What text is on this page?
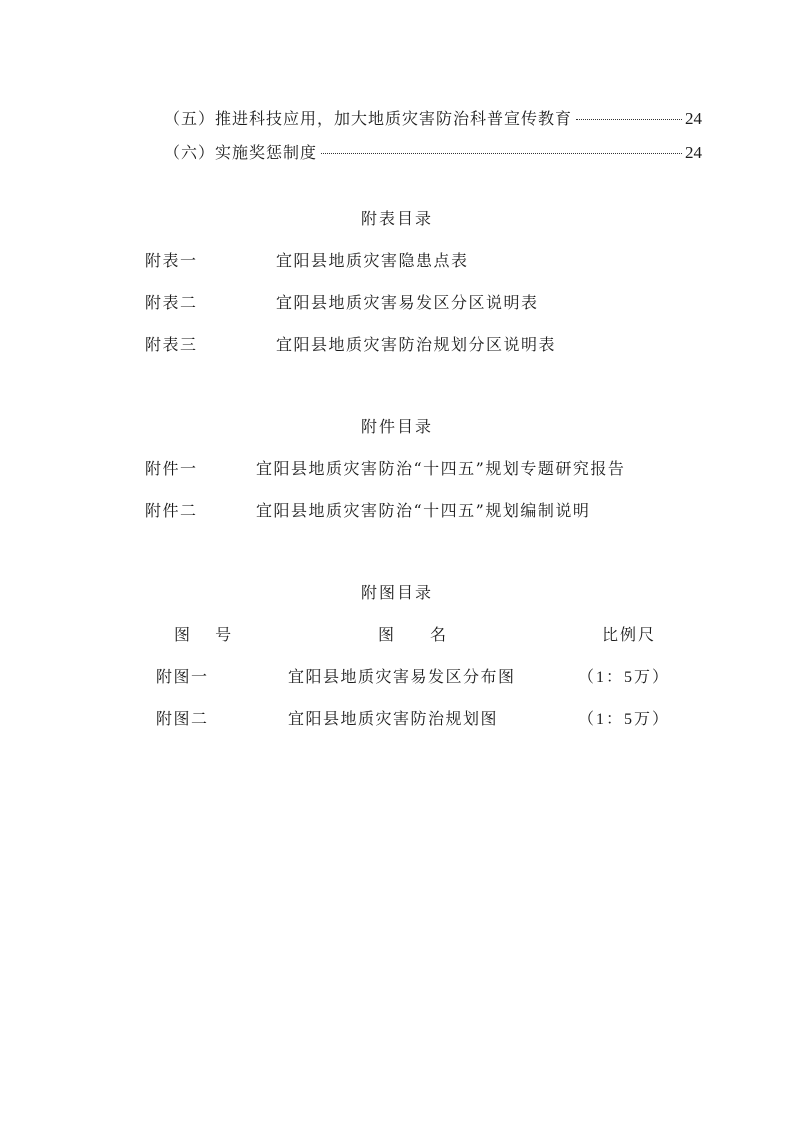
（五）推进科技应用，加大地质灾害防治科普宣传教育	24
（六）实施奖惩制度	24
附表目录
附表一	宜阳县地质灾害隐患点表
附表二	宜阳县地质灾害易发区分区说明表
附表三	宜阳县地质灾害防治规划分区说明表
附件目录
附件一	宜阳县地质灾害防治“十四五”规划专题研究报告
附件二	宜阳县地质灾害防治“十四五”规划编制说明
附图目录
图 号	图　名	比例尺
附图一	宜阳县地质灾害易发区分布图	（1：5万）
附图二	宜阳县地质灾害防治规划图	（1：5万）
